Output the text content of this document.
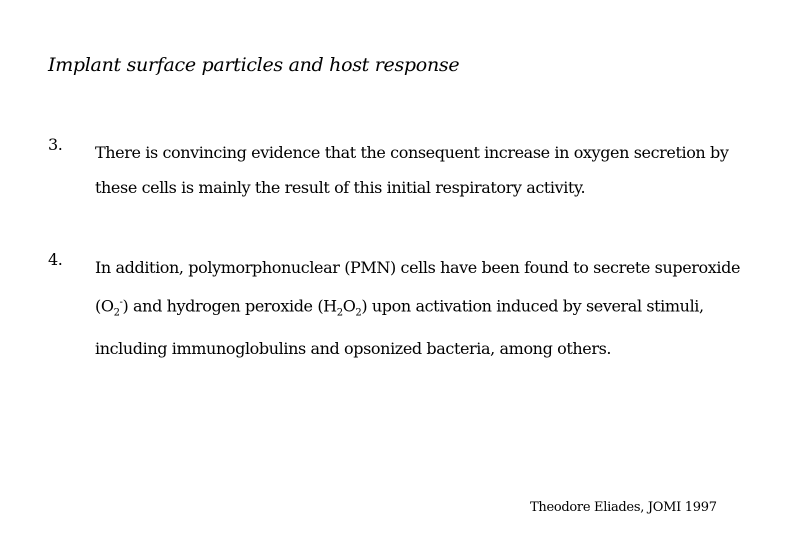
Implant surface particles and host response
3. There is convincing evidence that the consequent increase in oxygen secretion by these cells is mainly the result of this initial respiratory activity.
4. In addition, polymorphonuclear (PMN) cells have been found to secrete superoxide $(O_2^-)$ and hydrogen peroxide $(H_2O_2)$ upon activation induced by several stimuli, including immunoglobulins and opsonized bacteria, among others.
Theodore Eliades, JOMI 1997
